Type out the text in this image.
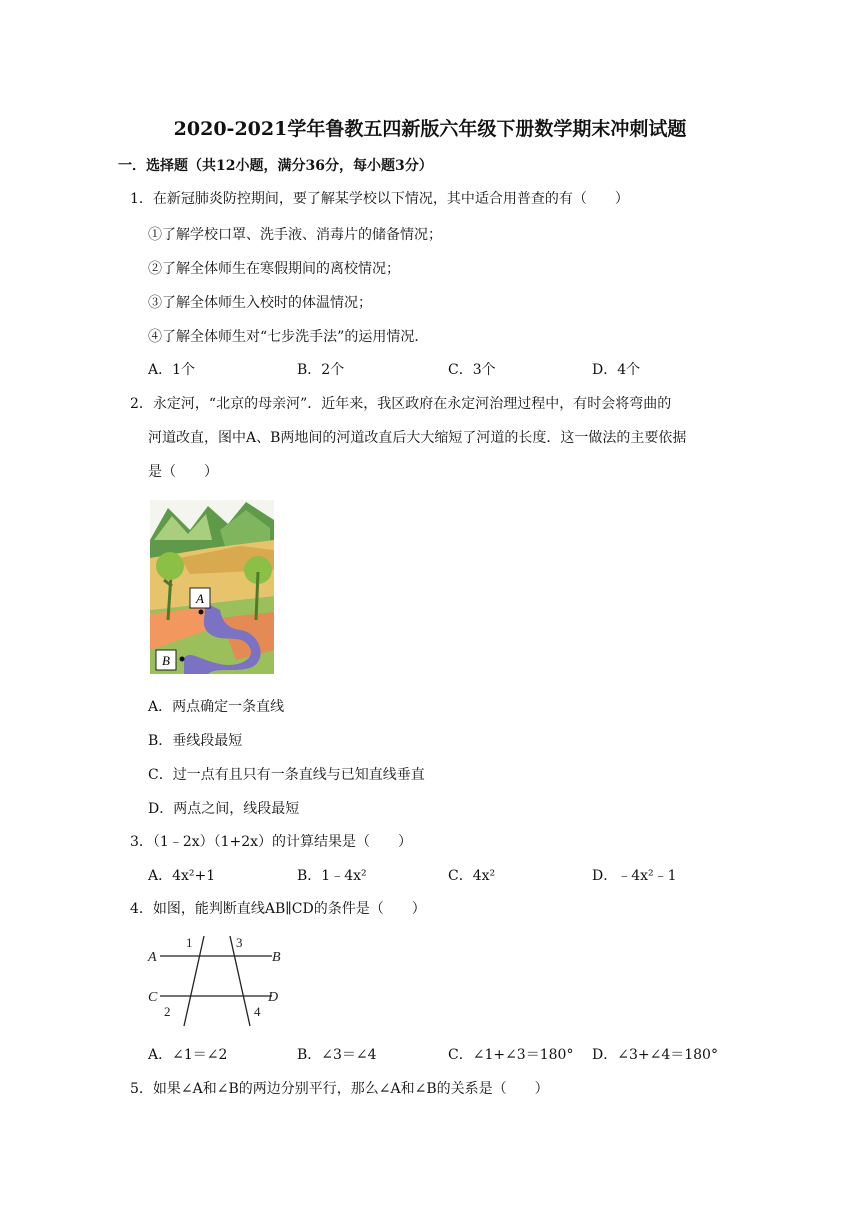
2020-2021学年鲁教五四新版六年级下册数学期末冲刺试题
一．选择题（共12小题，满分36分，每小题3分）
1．在新冠肺炎防控期间，要了解某学校以下情况，其中适合用普查的有（　　）
①了解学校口罩、洗手液、消毒片的储备情况；
②了解全体师生在寒假期间的离校情况；
③了解全体师生入校时的体温情况；
④了解全体师生对“七步洗手法”的运用情况．
A．1个	B．2个	C．3个	D．4个
2．永定河，“北京的母亲河”．近年来，我区政府在永定河治理过程中，有时会将弯曲的
河道改直，图中A、B两地间的河道改直后大大缩短了河道的长度．这一做法的主要依据
是（　　）
A
B
A．两点确定一条直线
B．垂线段最短
C．过一点有且只有一条直线与已知直线垂直
D．两点之间，线段最短
3．（1﹣2x）（1+2x）的计算结果是（　　）
A．4x²+1	B．1﹣4x²	C．4x²	D．﹣4x²﹣1
4．如图，能判断直线AB∥CD的条件是（　　）
A	B
C	D
1
2
3
4
A．∠1＝∠2	B．∠3＝∠4	C．∠1+∠3＝180° D．∠3+∠4＝180°
5．如果∠A和∠B的两边分别平行，那么∠A和∠B的关系是（　　）
